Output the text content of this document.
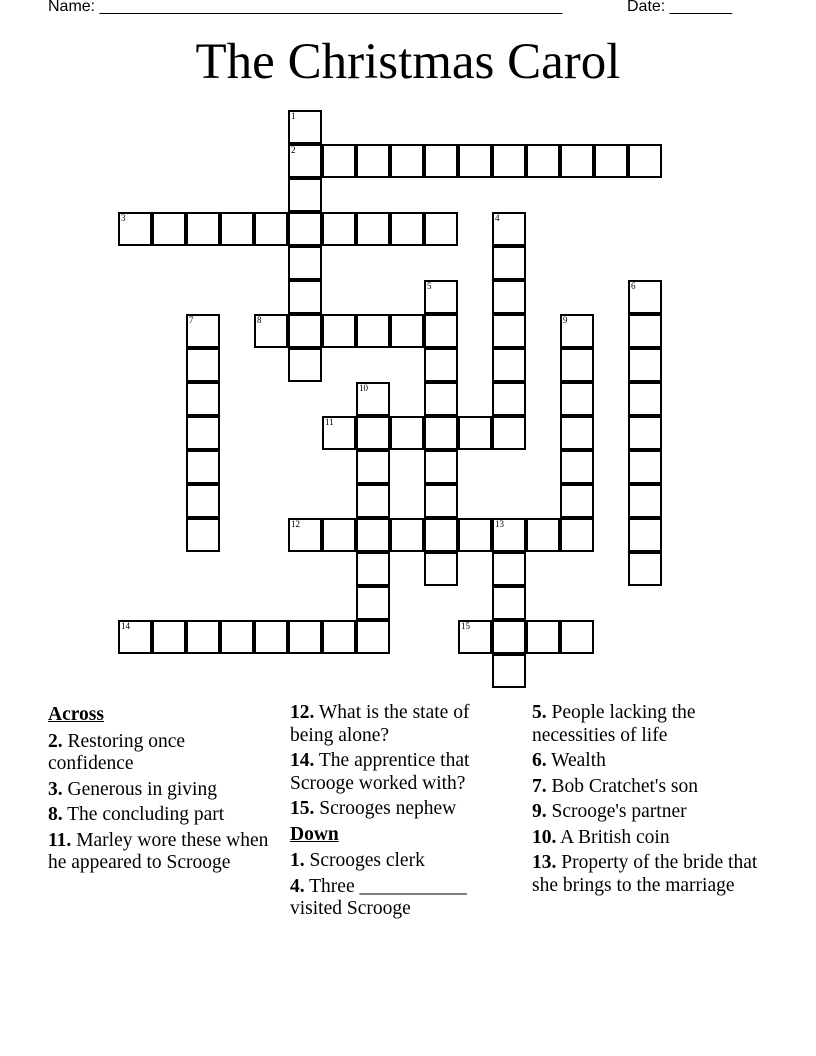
Name: ____________________________________________________	Date: _______
The Christmas Carol
1
2
3	4
5	6
7	8	9
10
11
12	13
14	15
Across
2. Restoring once confidence
3. Generous in giving
8. The concluding part
11. Marley wore these when he appeared to Scrooge
12. What is the state of being alone?
14. The apprentice that Scrooge worked with?
15. Scrooges nephew
Down
1. Scrooges clerk
4. Three ___________ visited Scrooge
5. People lacking the necessities of life
6. Wealth
7. Bob Cratchet's son
9. Scrooge's partner
10. A British coin
13. Property of the bride that she brings to the marriage
